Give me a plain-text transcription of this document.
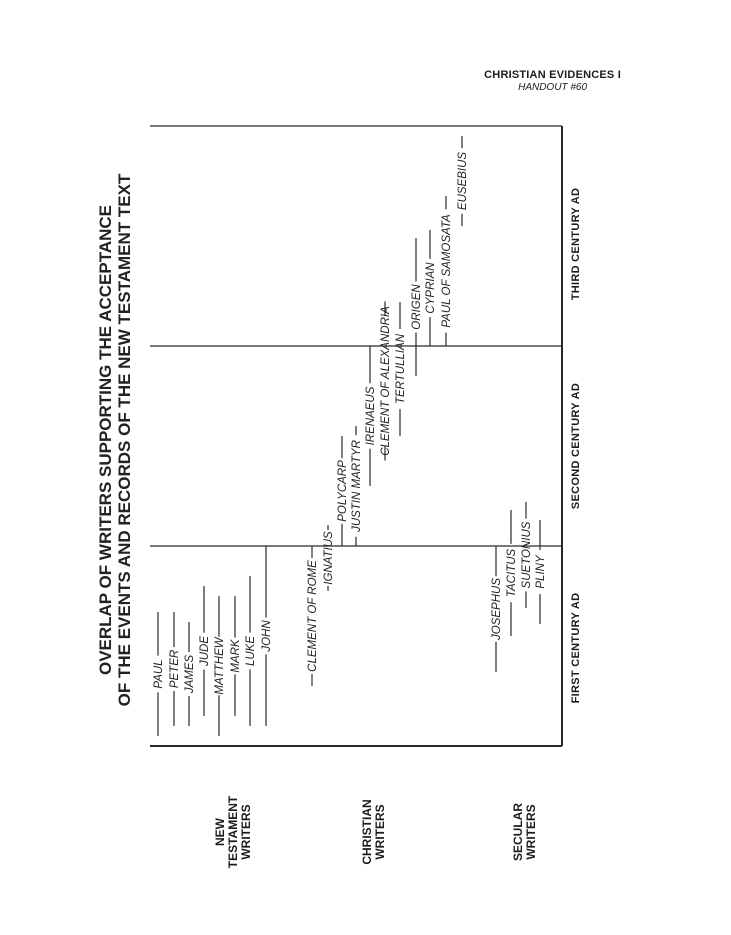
CHRISTIAN EVIDENCES I
HANDOUT #60
OVERLAP OF WRITERS SUPPORTING THE ACCEPTANCE OF THE EVENTS AND RECORDS OF THE NEW TESTAMENT TEXT
NEW TESTAMENT WRITERS	CHRISTIAN WRITERS	SECULAR WRITERS
FIRST CENTURY AD
SECOND CENTURY AD
THIRD CENTURY AD
PAUL PETER JAMES
JUDE MATTHEW MARK LUKE JOHN	CLEMENT OF ROME
IGNATIUS
POLYCARP JUSTIN MARTYR
IRENAEUS CLEMENT OF ALEXANDRIA TERTULLIAN
ORIGEN CYPRIAN PAUL OF SAMOSATA
EUSEBIUS
JOSEPHUS
TACITUS SUETONIUS PLINY
